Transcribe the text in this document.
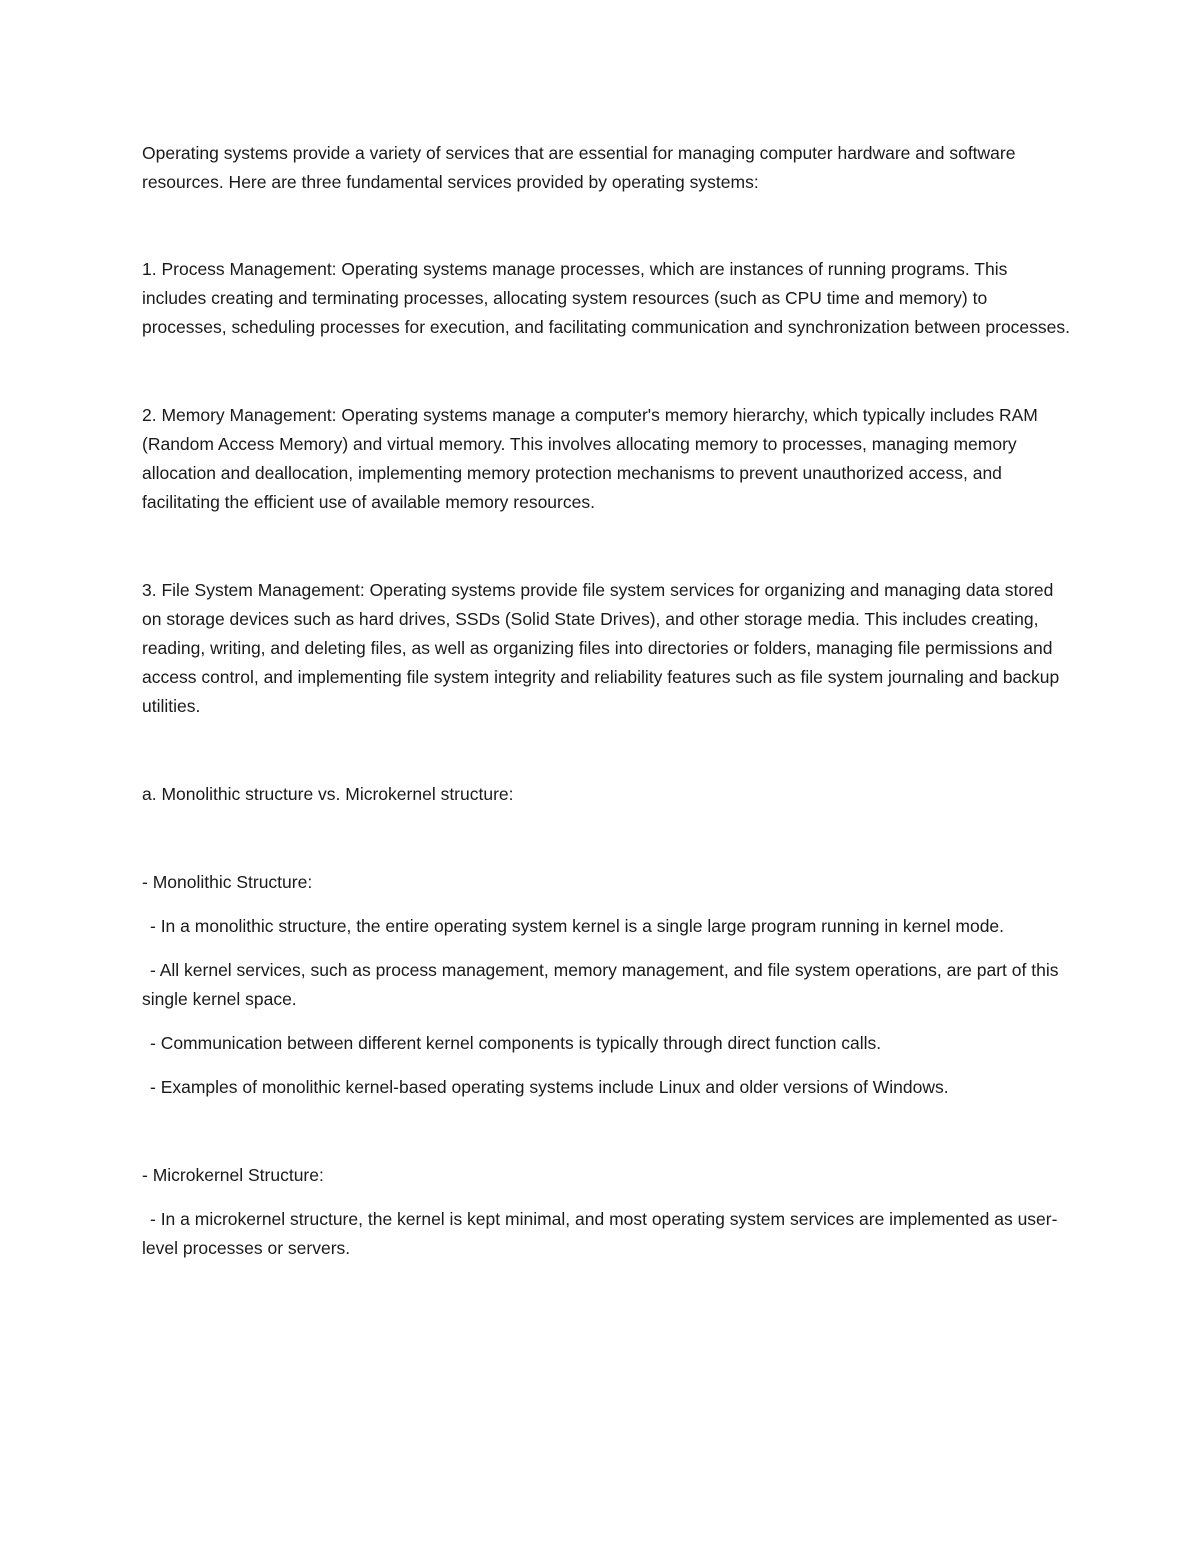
Operating systems provide a variety of services that are essential for managing computer hardware and software resources. Here are three fundamental services provided by operating systems:

1. Process Management: Operating systems manage processes, which are instances of running programs. This includes creating and terminating processes, allocating system resources (such as CPU time and memory) to processes, scheduling processes for execution, and facilitating communication and synchronization between processes.

2. Memory Management: Operating systems manage a computer's memory hierarchy, which typically includes RAM (Random Access Memory) and virtual memory. This involves allocating memory to processes, managing memory allocation and deallocation, implementing memory protection mechanisms to prevent unauthorized access, and facilitating the efficient use of available memory resources.

3. File System Management: Operating systems provide file system services for organizing and managing data stored on storage devices such as hard drives, SSDs (Solid State Drives), and other storage media. This includes creating, reading, writing, and deleting files, as well as organizing files into directories or folders, managing file permissions and access control, and implementing file system integrity and reliability features such as file system journaling and backup utilities.

a. Monolithic structure vs. Microkernel structure:

- Monolithic Structure:

- In a monolithic structure, the entire operating system kernel is a single large program running in kernel mode.

- All kernel services, such as process management, memory management, and file system operations, are part of this single kernel space.

- Communication between different kernel components is typically through direct function calls.

- Examples of monolithic kernel-based operating systems include Linux and older versions of Windows.

- Microkernel Structure:

- In a microkernel structure, the kernel is kept minimal, and most operating system services are implemented as user-level processes or servers.
